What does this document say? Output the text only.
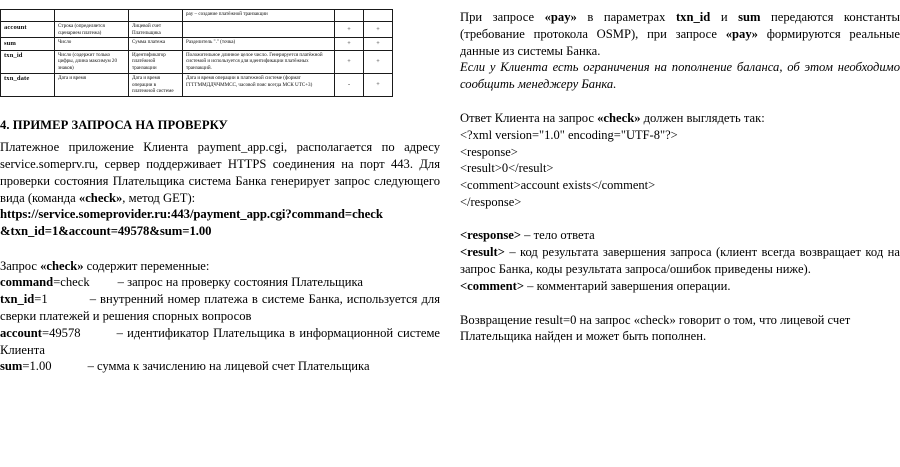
			pay – создание платёжной транзакции		
account	Строка (определяется сценарием платежа)	Лицевой счет Плательщика		+	+
sum	Число	Сумма платежа	Разделитель "." (точка)	+	+
txn_id	Число (содержит только цифры, длина максимум 20 знаков)	Идентификатор платёжной транзакции	Положительное длинное целое число. Генерируется платёжной системой и используется для идентификации платёжных транзакций.	+	+
txn_date	Дата и время	Дата и время операции в платежной системе	Дата и время операции в платежной системе (формат ГГГГММДДЧЧММСС, часовой пояс всегда МСК UTC+3)	-	+
4. ПРИМЕР ЗАПРОСА НА ПРОВЕРКУ

Платежное приложение Клиента payment_app.cgi, располагается по адресу service.someprv.ru, сервер поддерживает HTTPS соединения на порт 443. Для проверки состояния Плательщика система Банка генерирует запрос следующего вида (команда «check», метод GET):

https://service.someprovider.ru:443/payment_app.cgi?command=check

&txn_id=1&account=49578&sum=1.00

Запрос «check» содержит переменные:

command=check – запрос на проверку состояния Плательщика

txn_id=1	– внутренний номер платежа в системе Банка, используется для сверки платежей и решения спорных вопросов

account=49578	– идентификатор Плательщика в информационной системе Клиента

sum=1.00	– сумма к зачислению на лицевой счет Плательщика

При запросе «pay» в параметрах txn_id и sum передаются константы (требование протокола OSMP), при запросе «pay» формируются реальные данные из системы Банка.

Если у Клиента есть ограничения на пополнение баланса, об этом необходимо сообщить менеджеру Банка.

Ответ Клиента на запрос «check» должен выглядеть так:

<?xml version="1.0" encoding="UTF-8"?>

<response>

<result>0</result>

<comment>account exists</comment>

</response>

<response> – тело ответа

<result> – код результата завершения запроса (клиент всегда возвращает код на запрос Банка, коды результата запроса/ошибок приведены ниже).

<comment> – комментарий завершения операции.

Возвращение result=0 на запрос «check» говорит о том, что лицевой счет Плательщика найден и может быть пополнен.
